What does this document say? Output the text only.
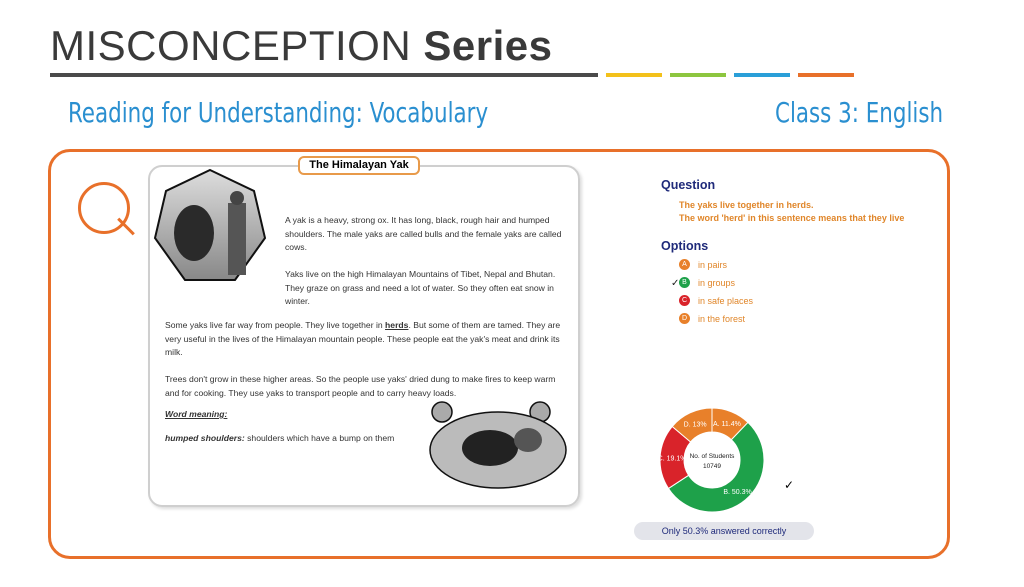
MISCONCEPTION Series
Reading for Understanding: Vocabulary	Class 3: English
The Himalayan Yak
A yak is a heavy, strong ox. It has long, black, rough hair and humped shoulders. The male yaks are called bulls and the female yaks are called cows.
Yaks live on the high Himalayan Mountains of Tibet, Nepal and Bhutan. They graze on grass and need a lot of water. So they often eat snow in winter.
Some yaks live far way from people. They live together in herds. But some of them are tamed. They are very useful in the lives of the Himalayan mountain people. These people eat the yak's meat and drink its milk.
Trees don't grow in these higher areas. So the people use yaks' dried dung to make fires to keep warm and for cooking. They use yaks to transport people and to carry heavy loads.
Word meaning:
humped shoulders: shoulders which have a bump on them
Question
The yaks live together in herds.
The word 'herd' in this sentence means that they live
Options
A	in pairs
B	in groups
C	in safe places
D	in the forest
✓
A. 11.4%
B. 50.3%
C. 19.1%
D. 13%
No. of Students
10749
✓
Only 50.3% answered correctly
